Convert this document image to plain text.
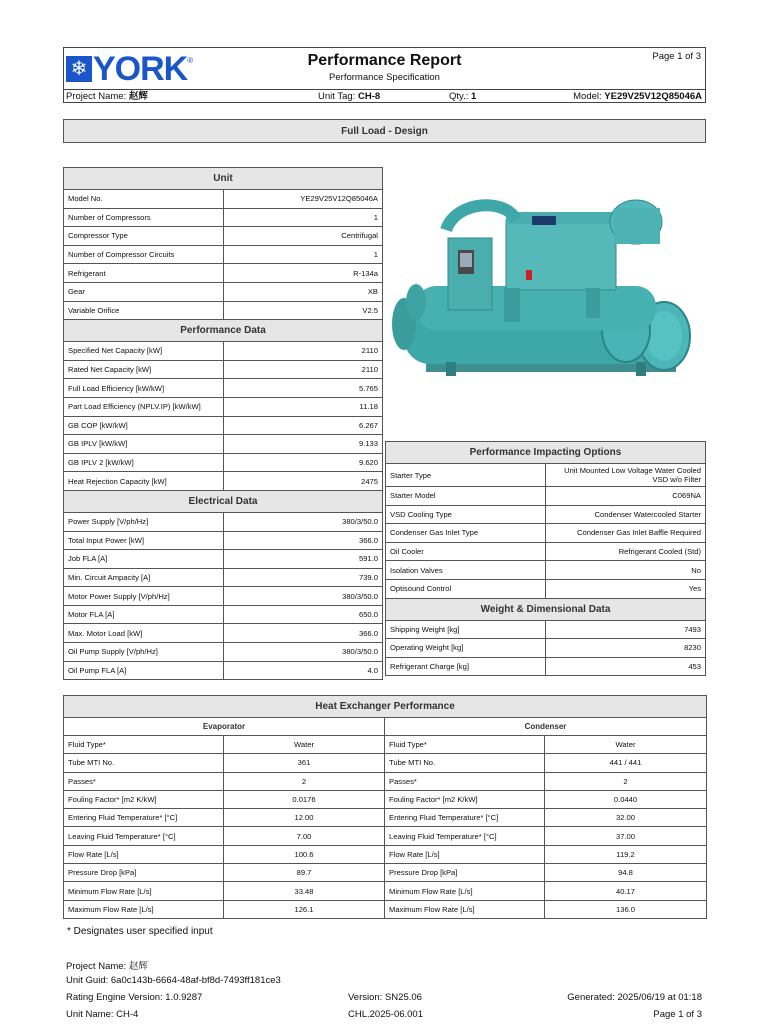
❄ YORK ®	Performance Report
Performance Specification
Page 1 of 3
Project Name: 赵辉	Unit Tag: CH-8	Qty.: 1	Model: YE29V25V12Q85046A
Full Load - Design
Unit	
Model No.	YE29V25V12Q85046A
Number of Compressors	1
Compressor Type	Centrifugal
Number of Compressor Circuits	1
Refrigerant	R-134a
Gear	XB
Variable Orifice	V2.5
Performance Data	
Specified Net Capacity [kW]	2110
Rated Net Capacity [kW]	2110
Full Load Efficiency [kW/kW]	5.765
Part Load Efficiency (NPLV.IP) [kW/kW]	11.18
GB COP [kW/kW]	6.267
GB IPLV [kW/kW]	9.133
GB IPLV 2 [kW/kW]	9.620
Heat Rejection Capacity [kW]	2475
Electrical Data	
Power Supply [V/ph/Hz]	380/3/50.0
Total Input Power [kW]	366.0
Job FLA [A]	591.0
Min. Circuit Ampacity [A]	739.0
Motor Power Supply [V/ph/Hz]	380/3/50.0
Motor FLA [A]	650.0
Max. Motor Load [kW]	366.0
Oil Pump Supply [V/ph/Hz]	380/3/50.0
Oil Pump FLA [A]	4.0
Performance Impacting Options	
Starter Type	Unit Mounted Low Voltage Water Cooled
VSD w/o Filter

Starter Model	C069NA
VSD Cooling Type	Condenser Watercooled Starter
Condenser Gas Inlet Type	Condenser Gas Inlet Baffle Required
Oil Cooler	Refrigerant Cooled (Std)
Isolation Valves	No
Optisound Control	Yes
Weight & Dimensional Data	
Shipping Weight [kg]	7493
Operating Weight [kg]	8230
Refrigerant Charge [kg]	453
Heat Exchanger Performance			
Evaporator		Condenser	
Fluid Type*	Water	Fluid Type*	Water
Tube MTI No.	361	Tube MTI No.	441 / 441
Passes*	2	Passes*	2
Fouling Factor* [m2 K/kW]	0.0176	Fouling Factor* [m2 K/kW]	0.0440
Entering Fluid Temperature* [°C]	12.00	Entering Fluid Temperature* [°C]	32.00
Leaving Fluid Temperature* [°C]	7.00	Leaving Fluid Temperature* [°C]	37.00
Flow Rate [L/s]	100.6	Flow Rate [L/s]	119.2
Pressure Drop [kPa]	89.7	Pressure Drop [kPa]	94.8
Minimum Flow Rate [L/s]	33.48	Minimum Flow Rate [L/s]	40.17
Maximum Flow Rate [L/s]	126.1	Maximum Flow Rate [L/s]	136.0
* Designates user specified input
Project Name: 赵辉
Unit Guid: 6a0c143b-6664-48af-bf8d-7493ff181ce3
Rating Engine Version: 1.0.9287	Version: SN25.06	Generated: 2025/06/19 at 01:18
Unit Name: CH-4	CHL.2025-06.001	Page 1 of 3
